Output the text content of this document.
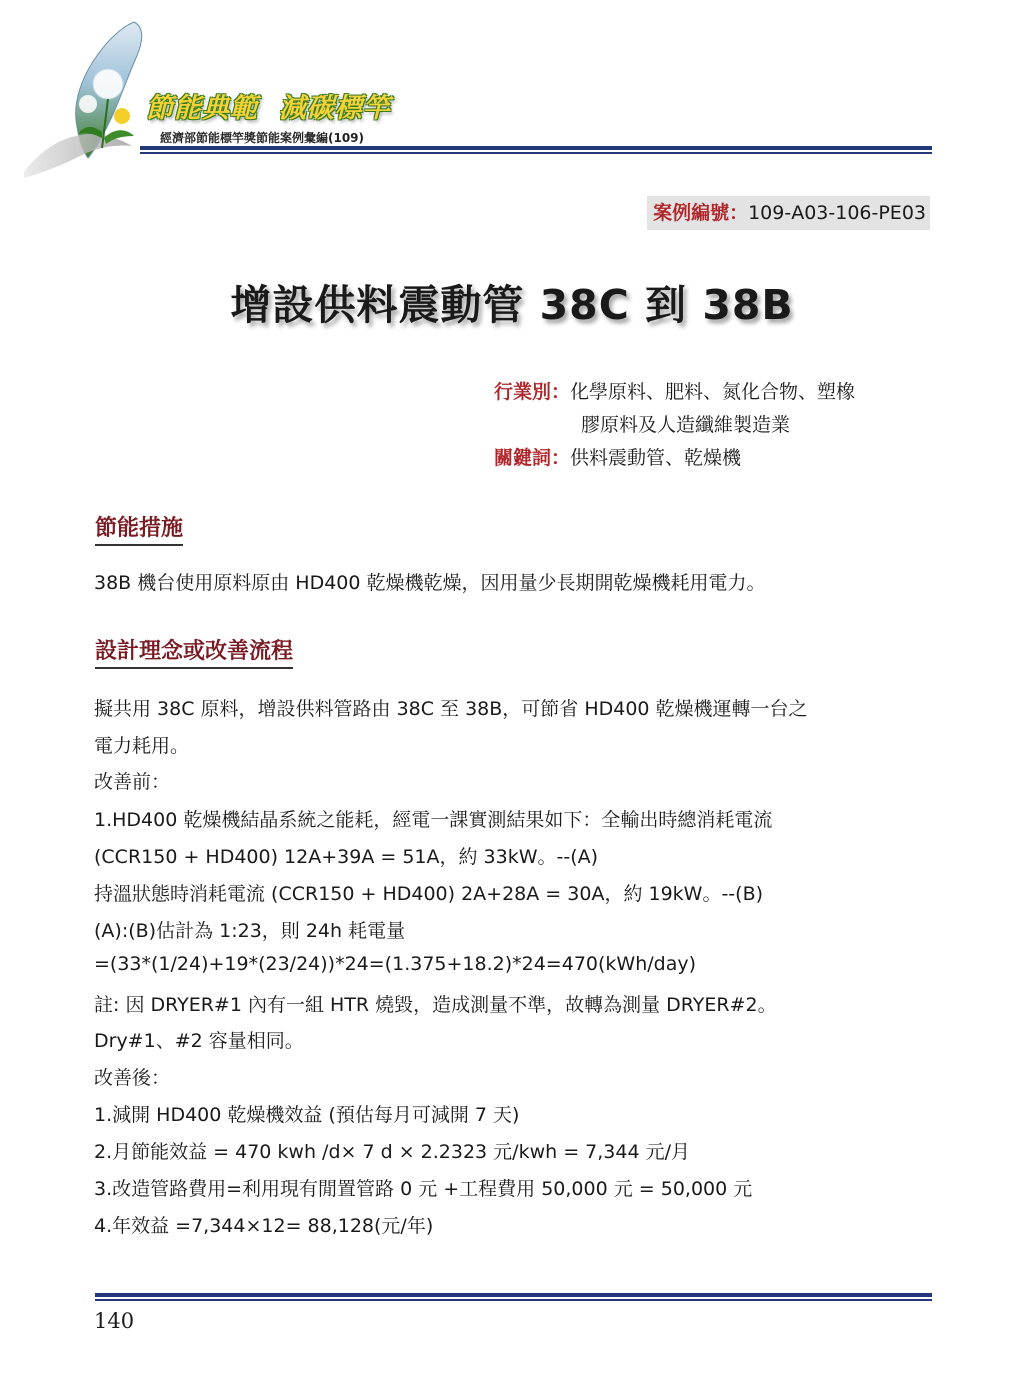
節能典範  減碳標竿
經濟部節能標竿獎節能案例彙編(109)
案例編號：109-A03-106-PE03
增設供料震動管 38C 到 38B
行業別：化學原料、肥料、氮化合物、塑橡
膠原料及人造纖維製造業
關鍵詞：供料震動管、乾燥機
節能措施
38B 機台使用原料原由 HD400 乾燥機乾燥，因用量少長期開乾燥機耗用電力。
設計理念或改善流程
擬共用 38C 原料，增設供料管路由 38C 至 38B，可節省 HD400 乾燥機運轉一台之
電力耗用。
改善前：
1.HD400 乾燥機結晶系統之能耗，經電一課實測結果如下：全輸出時總消耗電流
(CCR150 + HD400) 12A+39A = 51A，約 33kW。--(A)
持溫狀態時消耗電流 (CCR150 + HD400) 2A+28A = 30A，約 19kW。--(B)
(A):(B)估計為 1:23，則 24h 耗電量
=(33*(1/24)+19*(23/24))*24=(1.375+18.2)*24=470(kWh/day)
註: 因 DRYER#1 內有一組 HTR 燒毀，造成測量不準，故轉為測量 DRYER#2。
Dry#1、#2 容量相同。
改善後：
1.減開 HD400 乾燥機效益 (預估每月可減開 7 天)
2.月節能效益 = 470 kwh /d× 7 d × 2.2323 元/kwh = 7,344 元/月
3.改造管路費用=利用現有閒置管路 0 元 +工程費用 50,000 元 = 50,000 元
4.年效益 =7,344×12= 88,128(元/年)
140
